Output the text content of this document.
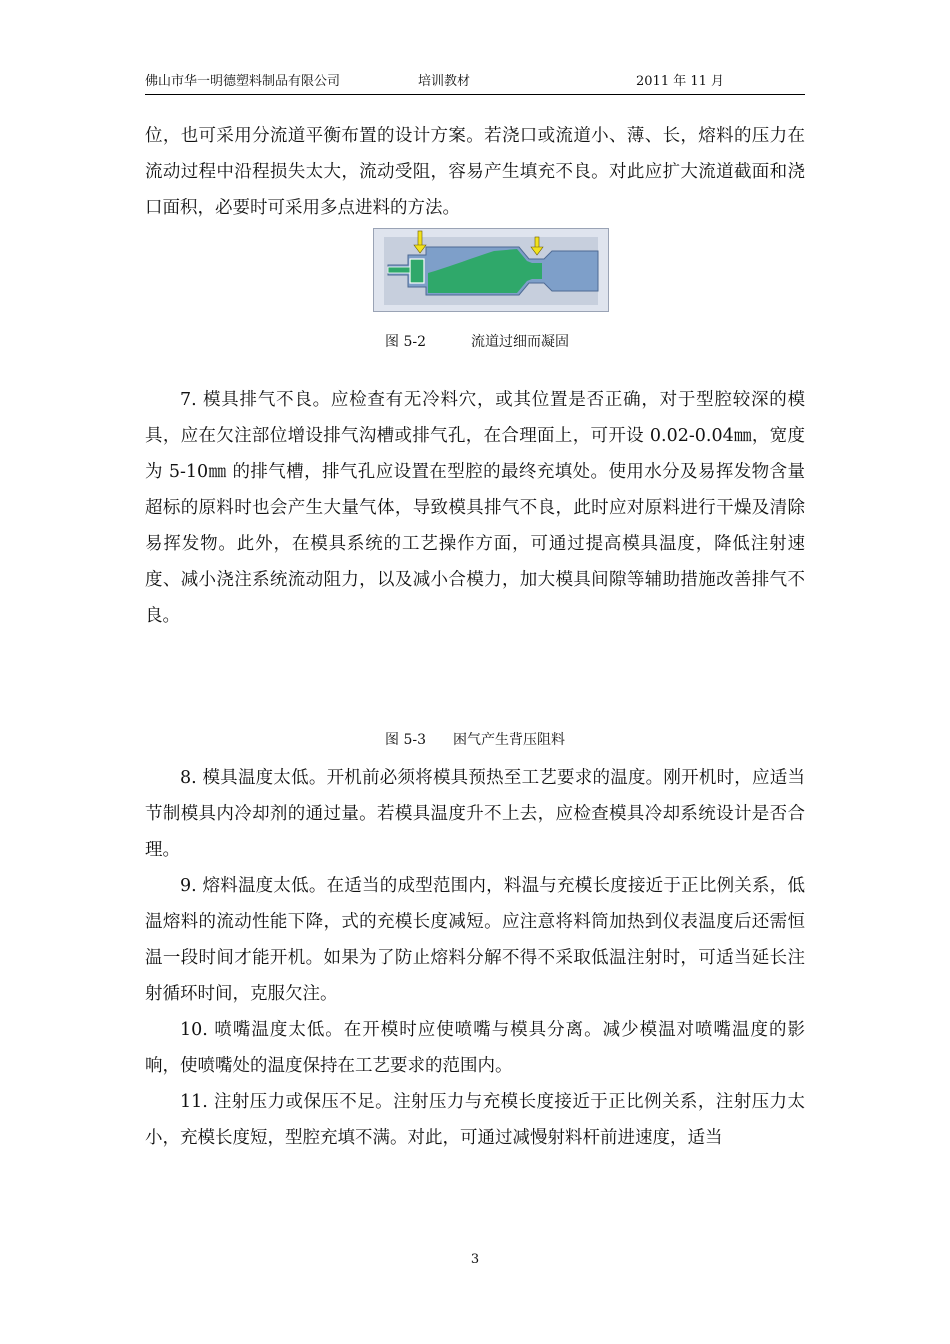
佛山市华一明德塑料制品有限公司	培训教材	2011 年 11 月

位，也可采用分流道平衡布置的设计方案。若浇口或流道小、薄、长，熔料的压力在流动过程中沿程损失太大，流动受阻，容易产生填充不良。对此应扩大流道截面和浇口面积，必要时可采用多点进料的方法。

图 5-2	流道过细而凝固

7. 模具排气不良。应检查有无冷料穴，或其位置是否正确，对于型腔较深的模具，应在欠注部位增设排气沟槽或排气孔，在合理面上，可开设 0.02-0.04㎜，宽度为 5-10㎜ 的排气槽，排气孔应设置在型腔的最终充填处。使用水分及易挥发物含量超标的原料时也会产生大量气体，导致模具排气不良，此时应对原料进行干燥及清除易挥发物。此外，在模具系统的工艺操作方面，可通过提高模具温度，降低注射速度、减小浇注系统流动阻力，以及减小合模力，加大模具间隙等辅助措施改善排气不良。

图 5-3 困气产生背压阻料

8. 模具温度太低。开机前必须将模具预热至工艺要求的温度。刚开机时，应适当节制模具内冷却剂的通过量。若模具温度升不上去，应检查模具冷却系统设计是否合理。

9. 熔料温度太低。在适当的成型范围内，料温与充模长度接近于正比例关系，低温熔料的流动性能下降，式的充模长度减短。应注意将料筒加热到仪表温度后还需恒温一段时间才能开机。如果为了防止熔料分解不得不采取低温注射时，可适当延长注射循环时间，克服欠注。

10. 喷嘴温度太低。在开模时应使喷嘴与模具分离。减少模温对喷嘴温度的影响，使喷嘴处的温度保持在工艺要求的范围内。

11. 注射压力或保压不足。注射压力与充模长度接近于正比例关系，注射压力太小，充模长度短，型腔充填不满。对此，可通过减慢射料杆前进速度，适当

3
